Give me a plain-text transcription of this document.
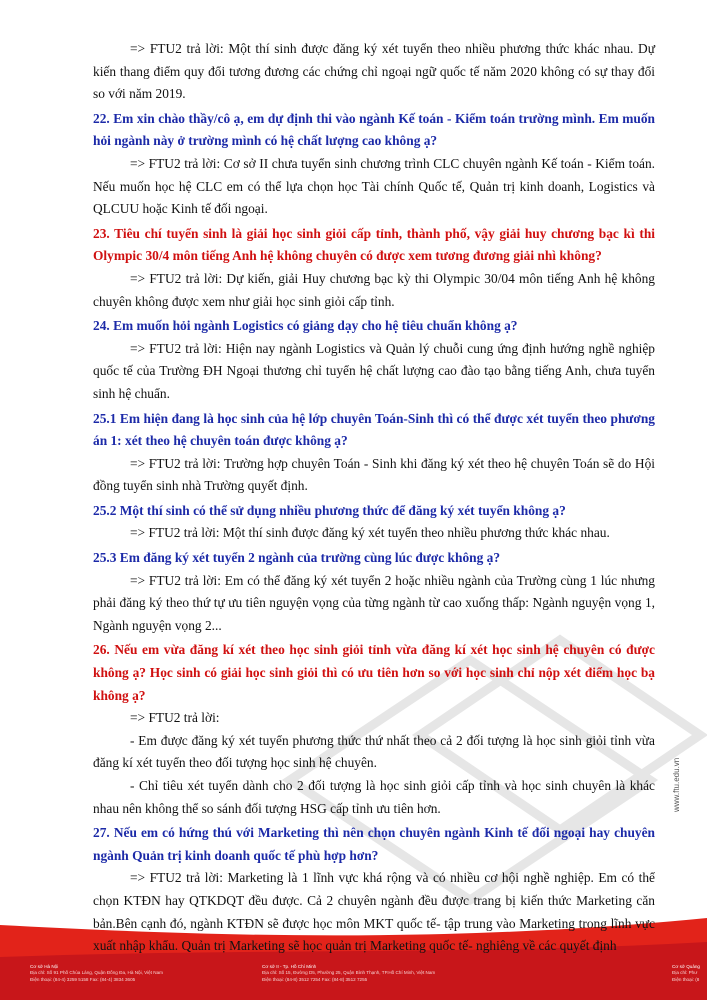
=> FTU2 trả lời: Một thí sinh được đăng ký xét tuyển theo nhiều phương thức khác nhau. Dự kiến thang điểm quy đổi tương đương các chứng chỉ ngoại ngữ quốc tế năm 2020 không có sự thay đổi so với năm 2019.

22. Em xin chào thầy/cô ạ, em dự định thi vào ngành Kế toán - Kiểm toán trường mình. Em muốn hỏi ngành này ở trường mình có hệ chất lượng cao không ạ?

=> FTU2 trả lời: Cơ sở II chưa tuyển sinh chương trình CLC chuyên ngành Kế toán - Kiểm toán. Nếu muốn học hệ CLC em có thể lựa chọn học Tài chính Quốc tế, Quản trị kinh doanh, Logistics và QLCUU hoặc Kinh tế đối ngoại.

23. Tiêu chí tuyển sinh là giải học sinh giỏi cấp tỉnh, thành phố, vậy giải huy chương bạc kì thi Olympic 30/4 môn tiếng Anh hệ không chuyên có được xem tương đương giải nhì không?

=> FTU2 trả lời: Dự kiến, giải Huy chương bạc kỳ thi Olympic 30/04 môn tiếng Anh hệ không chuyên không được xem như giải học sinh giỏi cấp tỉnh.

24. Em muốn hỏi ngành Logistics có giảng dạy cho hệ tiêu chuẩn không ạ?

=> FTU2 trả lời: Hiện nay ngành Logistics và Quản lý chuỗi cung ứng định hướng nghề nghiệp quốc tế của Trường ĐH Ngoại thương chỉ tuyển hệ chất lượng cao đào tạo bằng tiếng Anh, chưa tuyển sinh hệ chuẩn.

25.1 Em hiện đang là học sinh của hệ lớp chuyên Toán-Sinh thì có thể được xét tuyển theo phương án 1: xét theo hệ chuyên toán được không ạ?

=> FTU2 trả lời: Trường hợp chuyên Toán - Sinh khi đăng ký xét theo hệ chuyên Toán sẽ do Hội đồng tuyển sinh nhà Trường quyết định.

25.2 Một thí sinh có thể sử dụng nhiều phương thức để đăng ký xét tuyển không ạ?

=> FTU2 trả lời: Một thí sinh được đăng ký xét tuyển theo nhiều phương thức khác nhau.

25.3 Em đăng ký xét tuyển 2 ngành của trường cùng lúc được không ạ?

=> FTU2 trả lời: Em có thể đăng ký xét tuyển 2 hoặc nhiều ngành của Trường cùng 1 lúc nhưng phải đăng ký theo thứ tự ưu tiên nguyện vọng của từng ngành từ cao xuống thấp: Ngành nguyện vọng 1, Ngành nguyện vọng 2...

26. Nếu em vừa đăng kí xét theo học sinh giỏi tỉnh vừa đăng kí xét học sinh hệ chuyên có được không ạ? Học sinh có giải học sinh giỏi thì có ưu tiên hơn so với học sinh chỉ nộp xét điểm học bạ không ạ?

=> FTU2 trả lời:

- Em được đăng ký xét tuyển phương thức thứ nhất theo cả 2 đối tượng là học sinh giỏi tỉnh vừa đăng kí xét tuyển theo đối tượng học sinh hệ chuyên.

- Chỉ tiêu xét tuyển dành cho 2 đối tượng là học sinh giỏi cấp tỉnh và học sinh chuyên là khác nhau nên không thể so sánh đối tượng HSG cấp tỉnh ưu tiên hơn.

27. Nếu em có hứng thú với Marketing thì nên chọn chuyên ngành Kinh tế đối ngoại hay chuyên ngành Quản trị kinh doanh quốc tế phù hợp hơn?

=> FTU2 trả lời: Marketing là 1 lĩnh vực khá rộng và có nhiều cơ hội nghề nghiệp. Em có thể chọn KTĐN hay QTKDQT đều được. Cả 2 chuyên ngành đều được trang bị kiến thức Marketing căn bản.Bên cạnh đó, ngành KTĐN sẽ được học môn MKT quốc tế- tập trung vào Marketing trong lĩnh vực xuất nhập khẩu. Quản trị Marketing sẽ học quản trị Marketing quốc tế- nghiêng về các quyết định

www.ftu.edu.vn
Cơ sở Hà Nội
Địa chỉ: Số 91 Phố Chùa Láng, Quận Đống Đa, Hà Nội, Việt Nam
Điện thoại: (84-4) 3259 5158 Fax: (84-4) 3834 3605
Cơ sở II - Tp. Hồ Chí Minh
Địa chỉ: Số 15, Đường D5, Phường 25, Quận Bình Thạnh, TP.Hồ Chí Minh, Việt Nam
Điện thoại: (84-8) 3512 7254 Fax: (84-8) 3512 7255
Cơ sở Quảng
Địa chỉ: Phư
Điện thoại: (8
